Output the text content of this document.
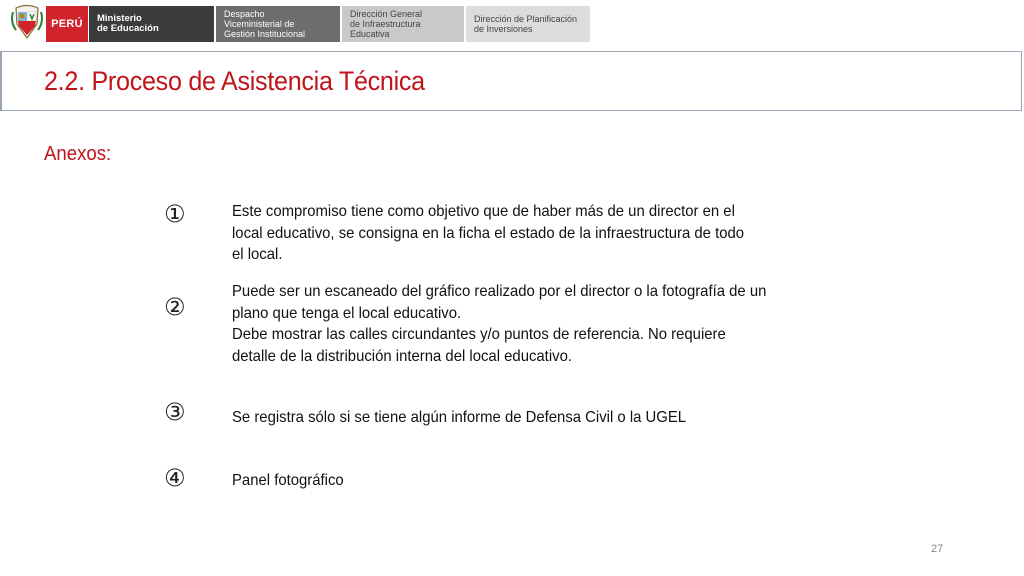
PERÚ	Ministerio
de Educación
Despacho
Viceministerial de
Gestión Institucional
Dirección General
de Infraestructura
Educativa
Dirección de Planificación
de Inversiones
2.2. Proceso de Asistencia Técnica
Anexos:
①	Este compromiso tiene como objetivo que de haber más de un director en el
local educativo, se consigna en la ficha el estado de la infraestructura de todo
el local.
②
Puede ser un escaneado del gráfico realizado por el director o la fotografía de un
plano que tenga el local educativo.
Debe mostrar las calles circundantes y/o puntos de referencia. No requiere
detalle de la distribución interna del local educativo.
③	Se registra sólo si se tiene algún informe de Defensa Civil o la UGEL
④	Panel fotográfico
27
